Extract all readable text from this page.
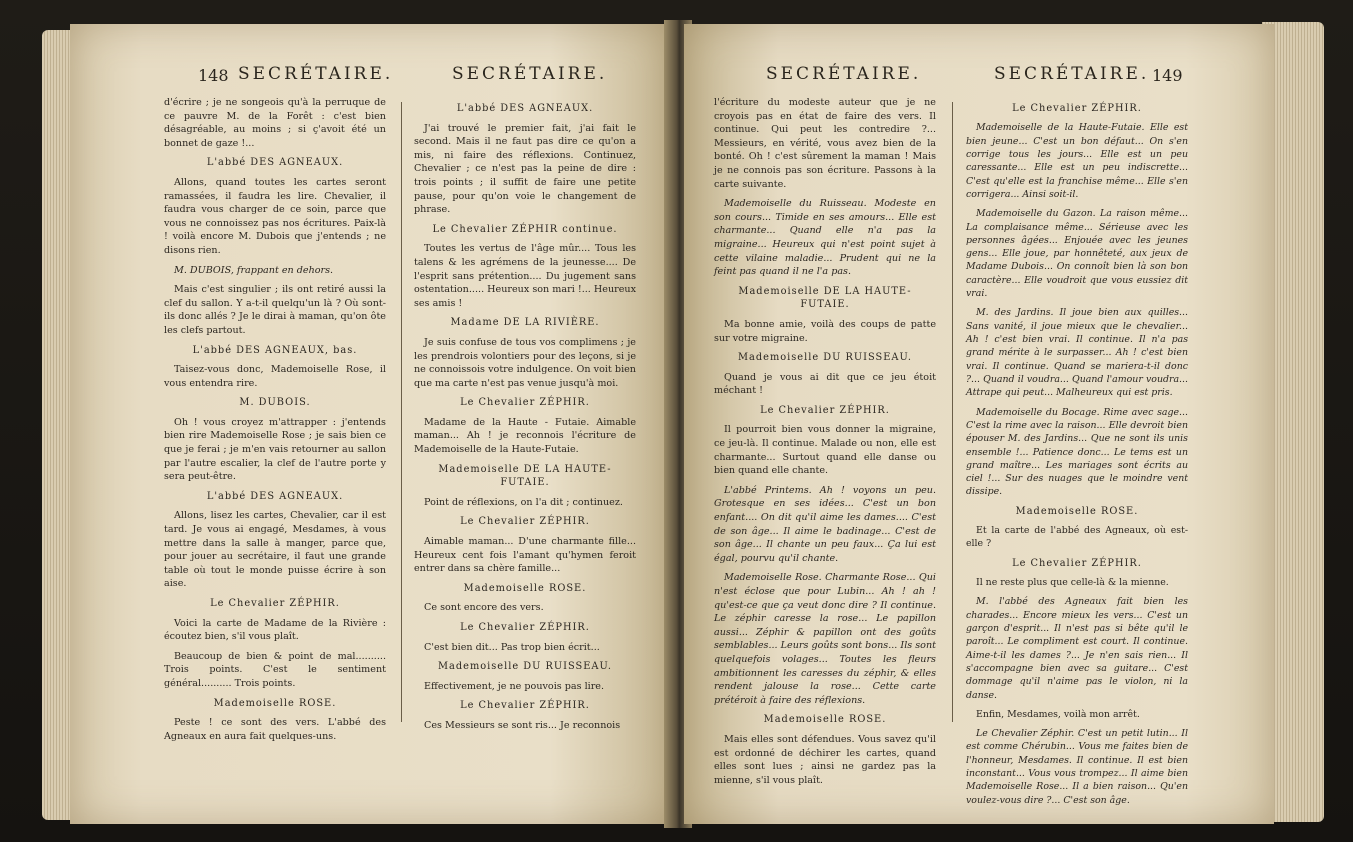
148 SECRÉTAIRE.	SECRÉTAIRE.
d'écrire ; je ne songeois qu'à la perruque de ce pauvre M. de la Forêt : c'est bien désagréable, au moins ; si ç'avoit été un bonnet de gaze !...
L'abbé DES AGNEAUX.
Allons, quand toutes les cartes seront ramassées, il faudra les lire. Chevalier, il faudra vous charger de ce soin, parce que vous ne connoissez pas nos écritures. Paix-là ! voilà encore M. Dubois que j'entends ; ne disons rien.
M. DUBOIS, frappant en dehors.
Mais c'est singulier ; ils ont retiré aussi la clef du sallon. Y a-t-il quelqu'un là ? Où sont-ils donc allés ? Je le dirai à maman, qu'on ôte les clefs partout.
L'abbé DES AGNEAUX, bas.
Taisez-vous donc, Mademoiselle Rose, il vous entendra rire.
M. DUBOIS.
Oh ! vous croyez m'attrapper : j'entends bien rire Mademoiselle Rose ; je sais bien ce que je ferai ; je m'en vais retourner au sallon par l'autre escalier, la clef de l'autre porte y sera peut-être.
L'abbé DES AGNEAUX.
Allons, lisez les cartes, Chevalier, car il est tard. Je vous ai engagé, Mesdames, à vous mettre dans la salle à manger, parce que, pour jouer au secrétaire, il faut une grande table où tout le monde puisse écrire à son aise.
Le Chevalier ZÉPHIR.
Voici la carte de Madame de la Rivière : écoutez bien, s'il vous plaît.
Beaucoup de bien & point de mal.......... Trois points. C'est le sentiment général.......... Trois points.
Mademoiselle ROSE.
Peste ! ce sont des vers. L'abbé des Agneaux en aura fait quelques-uns.
L'abbé DES AGNEAUX.
J'ai trouvé le premier fait, j'ai fait le second. Mais il ne faut pas dire ce qu'on a mis, ni faire des réflexions. Continuez, Chevalier ; ce n'est pas la peine de dire : trois points ; il suffit de faire une petite pause, pour qu'on voie le changement de phrase.
Le Chevalier ZÉPHIR continue.
Toutes les vertus de l'âge mûr.... Tous les talens & les agrémens de la jeunesse.... De l'esprit sans prétention.... Du jugement sans ostentation..... Heureux son mari !... Heureux ses amis !
Madame DE LA RIVIÈRE.
Je suis confuse de tous vos complimens ; je les prendrois volontiers pour des leçons, si je ne connoissois votre indulgence. On voit bien que ma carte n'est pas venue jusqu'à moi.
Le Chevalier ZÉPHIR.
Madame de la Haute - Futaie. Aimable maman... Ah ! je reconnois l'écriture de Mademoiselle de la Haute-Futaie.
Mademoiselle DE LA HAUTE-FUTAIE.
Point de réflexions, on l'a dit ; continuez.
Le Chevalier ZÉPHIR.
Aimable maman... D'une charmante fille... Heureux cent fois l'amant qu'hymen feroit entrer dans sa chère famille...
Mademoiselle ROSE.
Ce sont encore des vers.
Le Chevalier ZÉPHIR.
C'est bien dit... Pas trop bien écrit...
Mademoiselle DU RUISSEAU.
Effectivement, je ne pouvois pas lire.
Le Chevalier ZÉPHIR.
Ces Messieurs se sont ris... Je reconnois
SECRÉTAIRE.	SECRÉTAIRE. 149
l'écriture du modeste auteur que je ne croyois pas en état de faire des vers. Il continue. Qui peut les contredire ?... Messieurs, en vérité, vous avez bien de la bonté. Oh ! c'est sûrement la maman ! Mais je ne connois pas son écriture. Passons à la carte suivante.
Mademoiselle du Ruisseau. Modeste en son cours... Timide en ses amours... Elle est charmante... Quand elle n'a pas la migraine... Heureux qui n'est point sujet à cette vilaine maladie... Prudent qui ne la feint pas quand il ne l'a pas.
Mademoiselle DE LA HAUTE-FUTAIE.
Ma bonne amie, voilà des coups de patte sur votre migraine.
Mademoiselle DU RUISSEAU.
Quand je vous ai dit que ce jeu étoit méchant !
Le Chevalier ZÉPHIR.
Il pourroit bien vous donner la migraine, ce jeu-là. Il continue. Malade ou non, elle est charmante... Surtout quand elle danse ou bien quand elle chante.
L'abbé Printems. Ah ! voyons un peu. Grotesque en ses idées... C'est un bon enfant.... On dit qu'il aime les dames.... C'est de son âge... Il aime le badinage... C'est de son âge... Il chante un peu faux... Ça lui est égal, pourvu qu'il chante.
Mademoiselle Rose. Charmante Rose... Qui n'est éclose que pour Lubin... Ah ! ah ! qu'est-ce que ça veut donc dire ? Il continue. Le zéphir caresse la rose... Le papillon aussi... Zéphir & papillon ont des goûts semblables... Leurs goûts sont bons... Ils sont quelquefois volages... Toutes les fleurs ambitionnent les caresses du zéphir, & elles rendent jalouse la rose... Cette carte prétéroit à faire des réflexions.
Mademoiselle ROSE.
Mais elles sont défendues. Vous savez qu'il est ordonné de déchirer les cartes, quand elles sont lues ; ainsi ne gardez pas la mienne, s'il vous plaît.
Le Chevalier ZÉPHIR.
Mademoiselle de la Haute-Futaie. Elle est bien jeune... C'est un bon défaut... On s'en corrige tous les jours... Elle est un peu caressante... Elle est un peu indiscrette... C'est qu'elle est la franchise même... Elle s'en corrigera... Ainsi soit-il.
Mademoiselle du Gazon. La raison même... La complaisance même... Sérieuse avec les personnes âgées... Enjouée avec les jeunes gens... Elle joue, par honnêteté, aux jeux de Madame Dubois... On connoît bien là son bon caractère... Elle voudroit que vous eussiez dit vrai.
M. des Jardins. Il joue bien aux quilles... Sans vanité, il joue mieux que le chevalier... Ah ! c'est bien vrai. Il continue. Il n'a pas grand mérite à le surpasser... Ah ! c'est bien vrai. Il continue. Quand se mariera-t-il donc ?... Quand il voudra... Quand l'amour voudra... Attrape qui peut... Malheureux qui est pris.
Mademoiselle du Bocage. Rime avec sage... C'est la rime avec la raison... Elle devroit bien épouser M. des Jardins... Que ne sont ils unis ensemble !... Patience donc... Le tems est un grand maître... Les mariages sont écrits au ciel !... Sur des nuages que le moindre vent dissipe.
Mademoiselle ROSE.
Et la carte de l'abbé des Agneaux, où est-elle ?
Le Chevalier ZÉPHIR.
Il ne reste plus que celle-là & la mienne.
M. l'abbé des Agneaux fait bien les charades... Encore mieux les vers... C'est un garçon d'esprit... Il n'est pas si bête qu'il le paroît... Le compliment est court. Il continue. Aime-t-il les dames ?... Je n'en sais rien... Il s'accompagne bien avec sa guitare... C'est dommage qu'il n'aime pas le violon, ni la danse.
Enfin, Mesdames, voilà mon arrêt.
Le Chevalier Zéphir. C'est un petit lutin... Il est comme Chérubin... Vous me faites bien de l'honneur, Mesdames. Il continue. Il est bien inconstant... Vous vous trompez... Il aime bien Mademoiselle Rose... Il a bien raison... Qu'en voulez-vous dire ?... C'est son âge.
